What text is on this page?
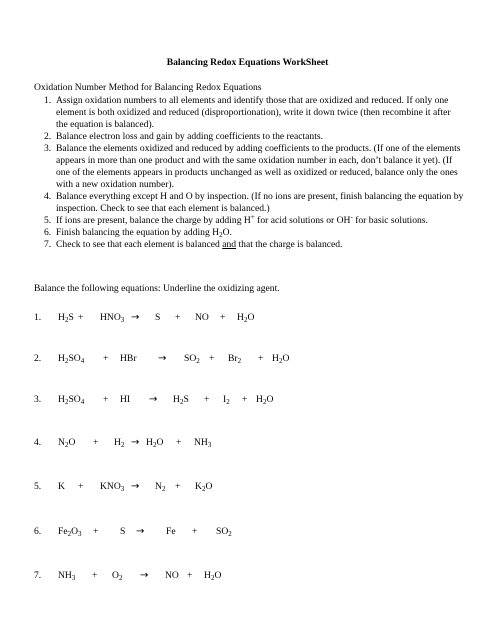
Balancing Redox Equations WorkSheet
Oxidation Number Method for Balancing Redox Equations
1. Assign oxidation numbers to all elements and identify those that are oxidized and reduced. If only one element is both oxidized and reduced (disproportionation), write it down twice (then recombine it after the equation is balanced).
2. Balance electron loss and gain by adding coefficients to the reactants.
3. Balance the elements oxidized and reduced by adding coefficients to the products. (If one of the elements appears in more than one product and with the same oxidation number in each, don’t balance it yet). (If one of the elements appears in products unchanged as well as oxidized or reduced, balance only the ones with a new oxidation number).
4. Balance everything except H and O by inspection. (If no ions are present, finish balancing the equation by inspection. Check to see that each element is balanced.)
5. If ions are present, balance the charge by adding H+ for acid solutions or OH- for basic solutions.
6. Finish balancing the equation by adding $H_2O$.
7. Check to see that each element is balanced and that the charge is balanced.
Balance the following equations: Underline the oxidizing agent.
1. $H_2S + HNO_3 \to S$ + NO + $H_2O$
2. $H_2SO_4$ + HBr → $SO_2 + Br_2 + H_2O$
3. $H_2SO_4$ + HI → $H_2S + I_2 + H_2O$
4. $N_2O + H_2 \to H_2O + NH_3$
5. $K + KNO_3 \to N_2 + K_2O$
6. $Fe_2O_3 + S \to Fe + SO_2$
7. $NH_3 + O_2$ → NO + $H_2O$
